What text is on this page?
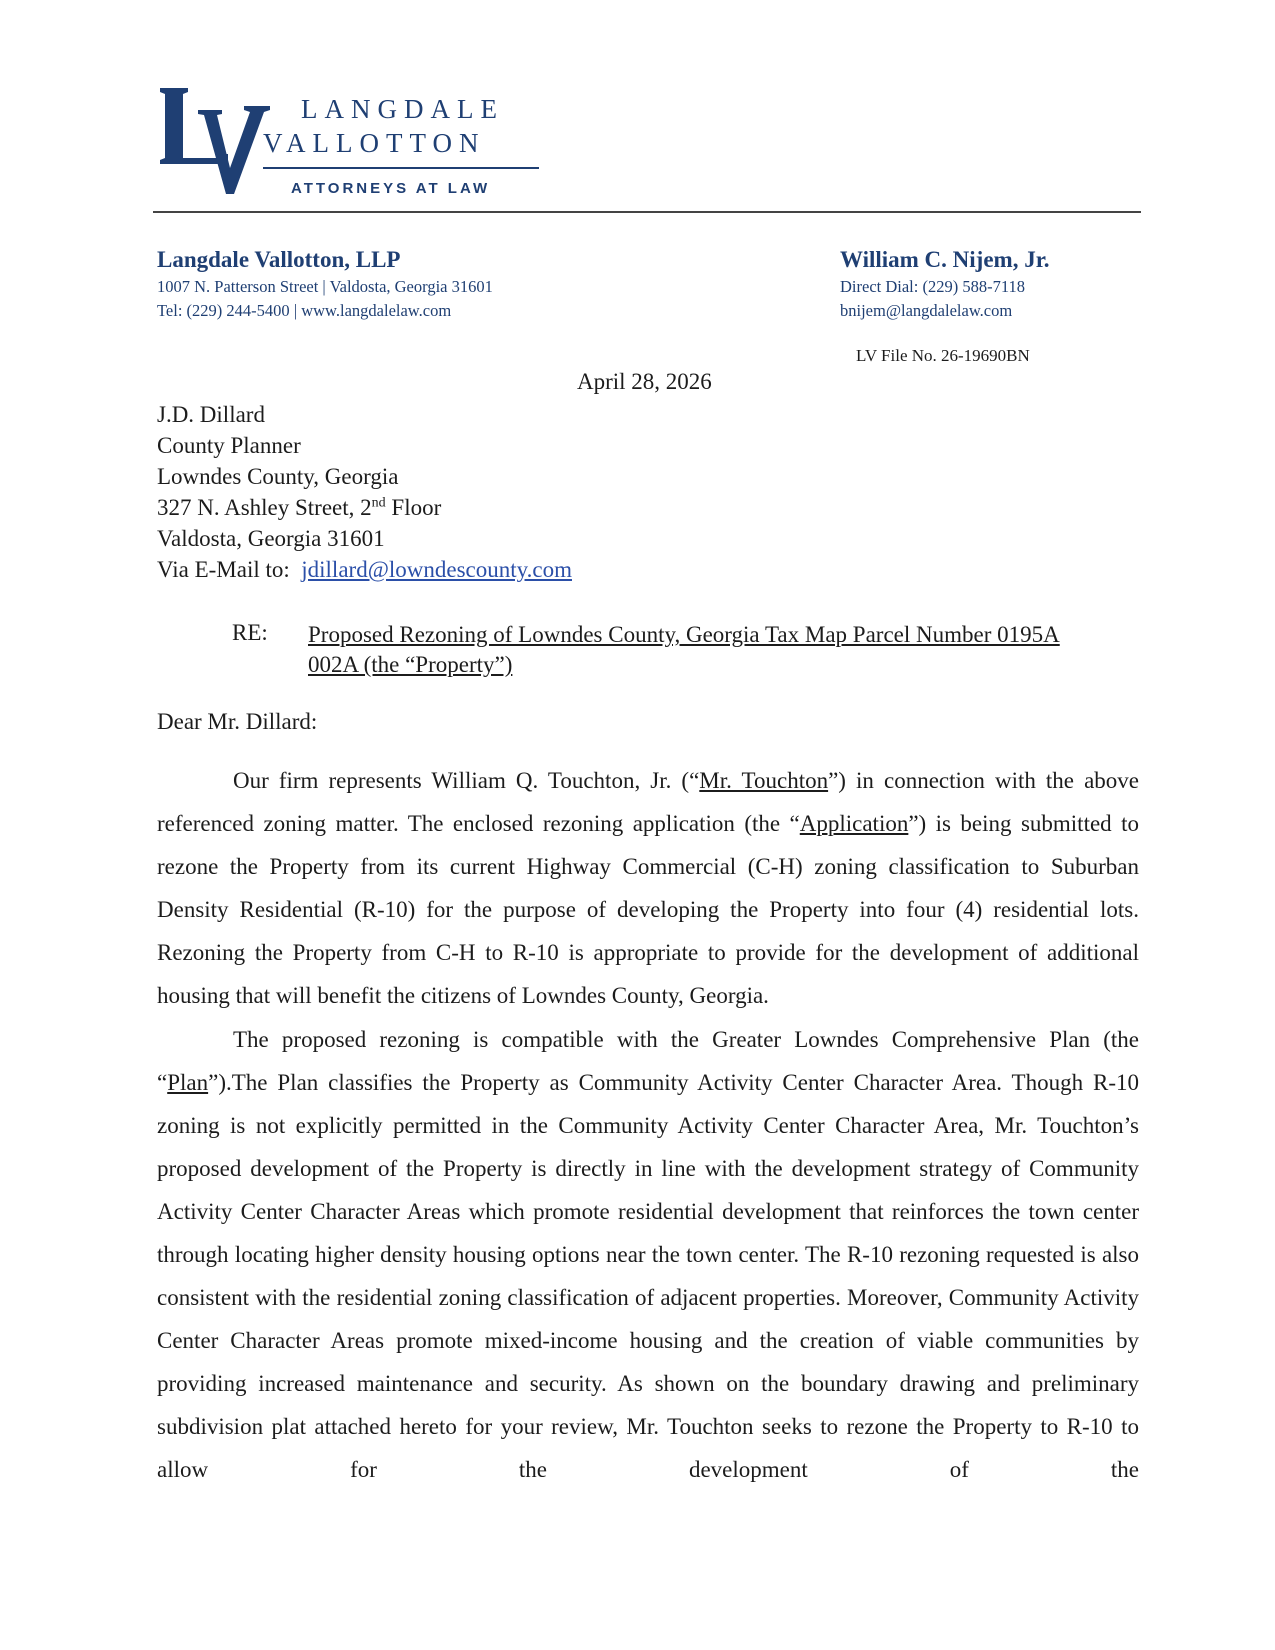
LANGDALE
VALLOTTON
ATTORNEYS AT LAW
Langdale Vallotton, LLP
1007 N. Patterson Street | Valdosta, Georgia 31601
Tel: (229) 244-5400 | www.langdalelaw.com
William C. Nijem, Jr.
Direct Dial: (229) 588-7118
bnijem@langdalelaw.com
LV File No. 26-19690BN
April 28, 2026
J.D. Dillard
County Planner
Lowndes County, Georgia
327 N. Ashley Street, 2nd Floor
Valdosta, Georgia 31601
Via E-Mail to: jdillard@lowndescounty.com
RE: Proposed Rezoning of Lowndes County, Georgia Tax Map Parcel Number 0195A 002A (the “Property”)
Dear Mr. Dillard:
Our firm represents William Q. Touchton, Jr. (“Mr. Touchton”) in connection with the above referenced zoning matter. The enclosed rezoning application (the “Application”) is being submitted to rezone the Property from its current Highway Commercial (C-H) zoning classification to Suburban Density Residential (R-10) for the purpose of developing the Property into four (4) residential lots. Rezoning the Property from C-H to R-10 is appropriate to provide for the development of additional housing that will benefit the citizens of Lowndes County, Georgia.
The proposed rezoning is compatible with the Greater Lowndes Comprehensive Plan (the “Plan”).The Plan classifies the Property as Community Activity Center Character Area. Though R-10 zoning is not explicitly permitted in the Community Activity Center Character Area, Mr. Touchton’s proposed development of the Property is directly in line with the development strategy of Community Activity Center Character Areas which promote residential development that reinforces the town center through locating higher density housing options near the town center. The R-10 rezoning requested is also consistent with the residential zoning classification of adjacent properties. Moreover, Community Activity Center Character Areas promote mixed-income housing and the creation of viable communities by providing increased maintenance and security. As shown on the boundary drawing and preliminary subdivision plat attached hereto for your review, Mr. Touchton seeks to rezone the Property to R-10 to allow for the development of the
